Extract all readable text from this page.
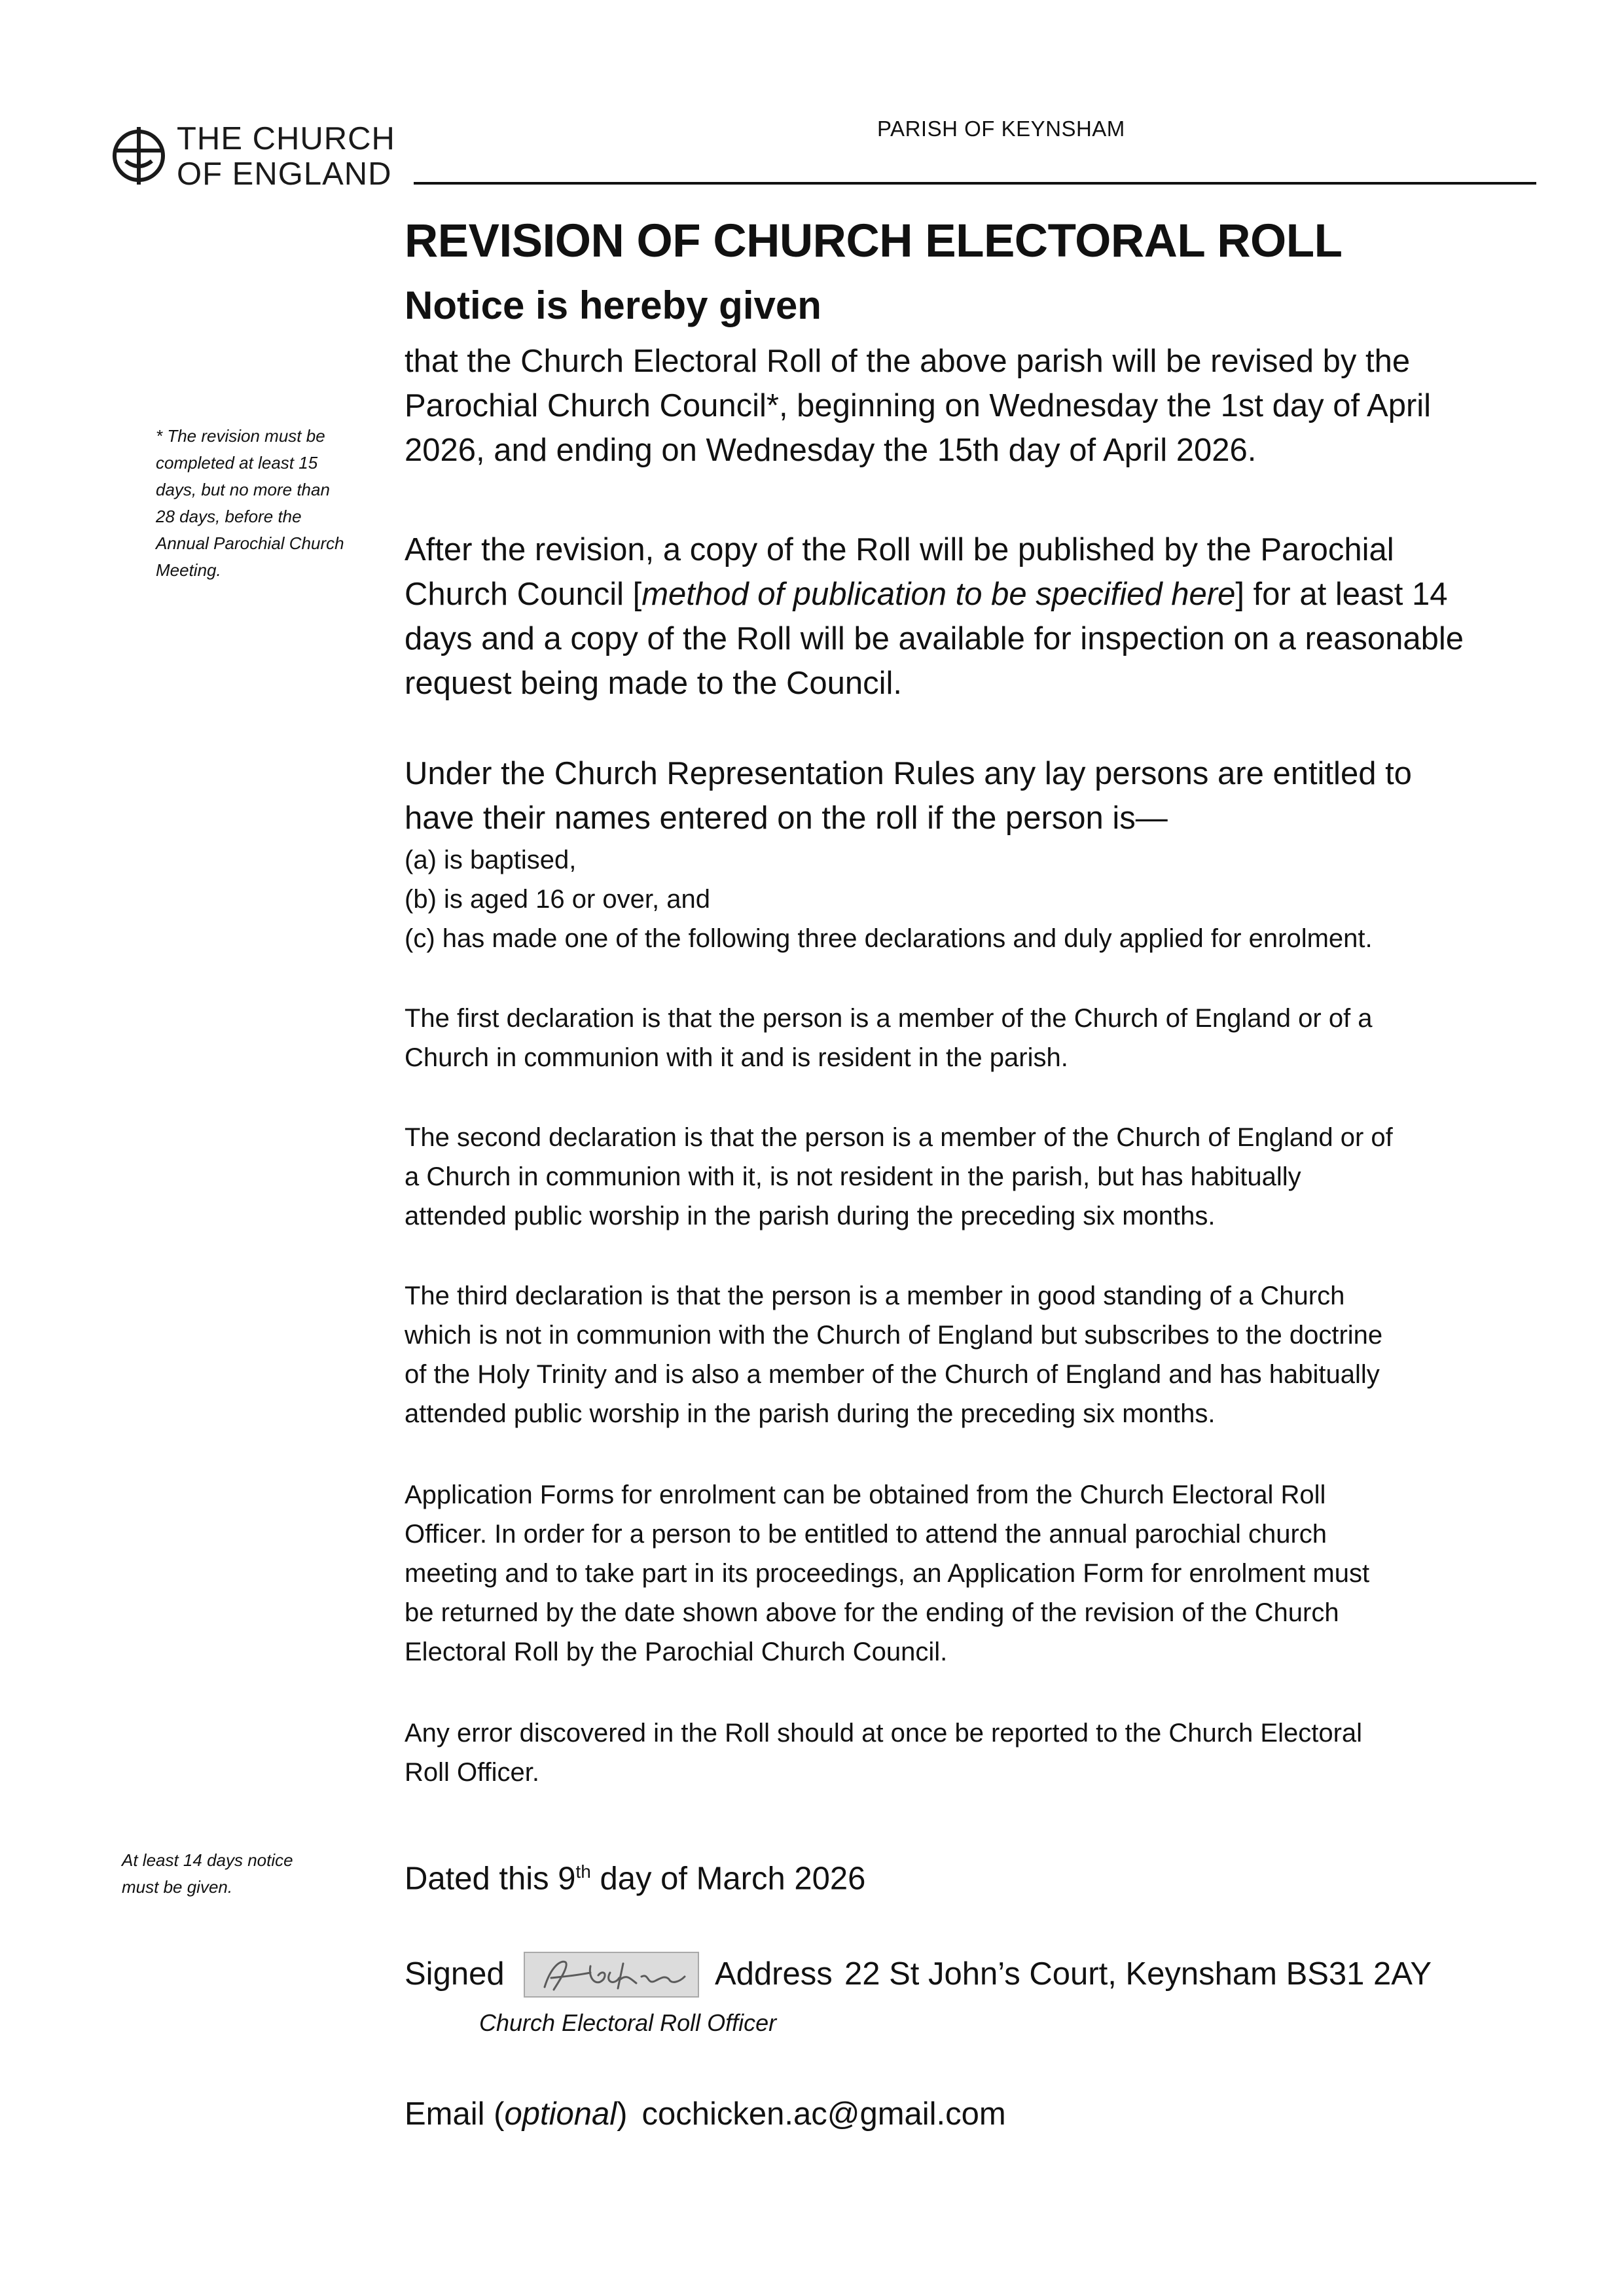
THE CHURCH
OF ENGLAND
PARISH OF KEYNSHAM
REVISION OF CHURCH ELECTORAL ROLL
Notice is hereby given
that the Church Electoral Roll of the above parish will be revised by the
Parochial Church Council*, beginning on Wednesday the 1st day of April
2026, and ending on Wednesday the 15th day of April 2026.
After the revision, a copy of the Roll will be published by the Parochial
Church Council [method of publication to be specified here] for at least 14
days and a copy of the Roll will be available for inspection on a reasonable
request being made to the Council.
Under the Church Representation Rules any lay persons are entitled to
have their names entered on the roll if the person is—
(a) is baptised,
(b) is aged 16 or over, and
(c) has made one of the following three declarations and duly applied for enrolment.
The first declaration is that the person is a member of the Church of England or of a
Church in communion with it and is resident in the parish.
The second declaration is that the person is a member of the Church of England or of
a Church in communion with it, is not resident in the parish, but has habitually
attended public worship in the parish during the preceding six months.
The third declaration is that the person is a member in good standing of a Church
which is not in communion with the Church of England but subscribes to the doctrine
of the Holy Trinity and is also a member of the Church of England and has habitually
attended public worship in the parish during the preceding six months.
Application Forms for enrolment can be obtained from the Church Electoral Roll
Officer. In order for a person to be entitled to attend the annual parochial church
meeting and to take part in its proceedings, an Application Form for enrolment must
be returned by the date shown above for the ending of the revision of the Church
Electoral Roll by the Parochial Church Council.
Any error discovered in the Roll should at once be reported to the Church Electoral
Roll Officer.
Dated this 9th day of March 2026
Signed	Address 22 St John’s Court, Keynsham BS31 2AY
Church Electoral Roll Officer
Email (optional) cochicken.ac@gmail.com
* The revision must be
completed at least 15
days, but no more than
28 days, before the
Annual Parochial Church
Meeting.
At least 14 days notice
must be given.
